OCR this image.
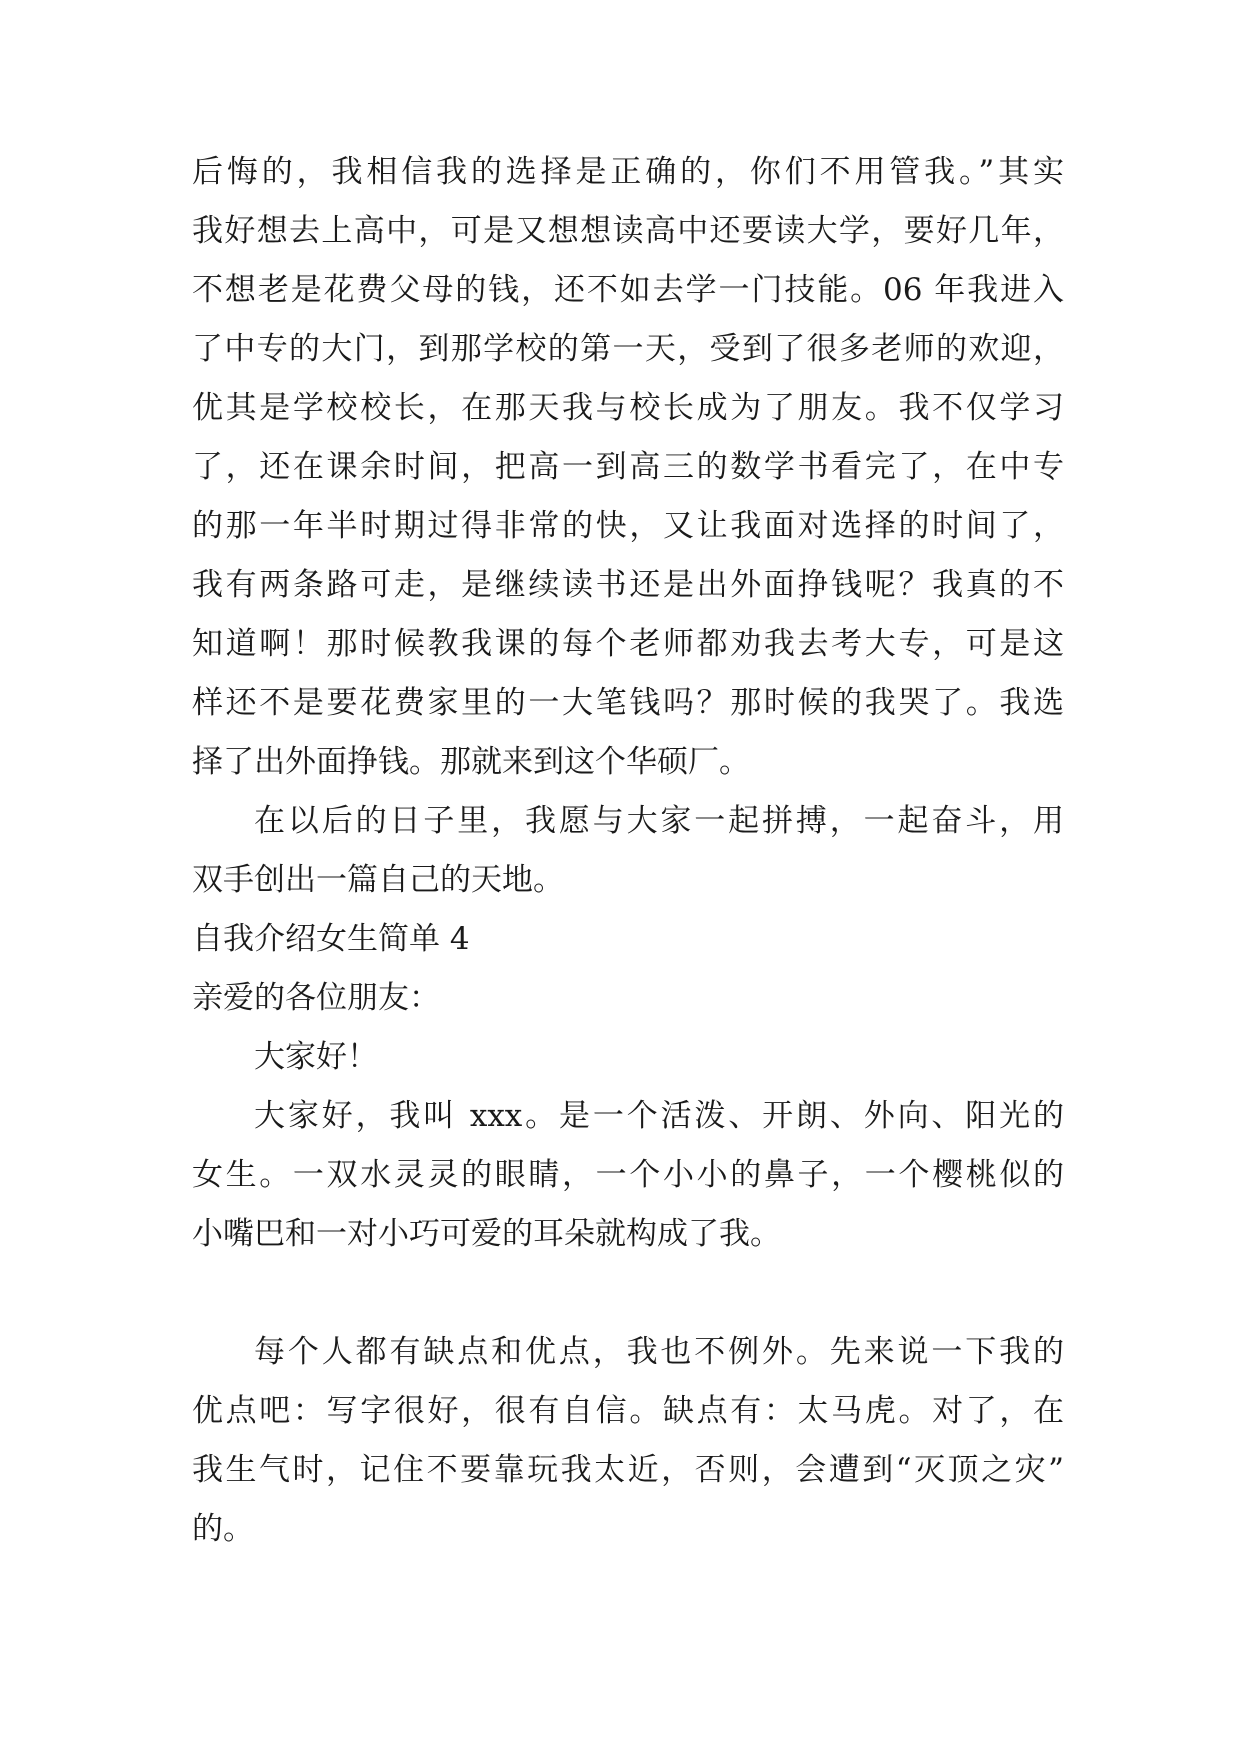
后悔的，我相信我的选择是正确的，你们不用管我。”其实
我好想去上高中，可是又想想读高中还要读大学，要好几年，
不想老是花费父母的钱，还不如去学一门技能。06 年我进入
了中专的大门，到那学校的第一天，受到了很多老师的欢迎，
优其是学校校长，在那天我与校长成为了朋友。我不仅学习
了，还在课余时间，把高一到高三的数学书看完了，在中专
的那一年半时期过得非常的快，又让我面对选择的时间了，
我有两条路可走，是继续读书还是出外面挣钱呢？我真的不
知道啊！那时候教我课的每个老师都劝我去考大专，可是这
样还不是要花费家里的一大笔钱吗？那时候的我哭了。我选
择了出外面挣钱。那就来到这个华硕厂。
在以后的日子里，我愿与大家一起拼搏，一起奋斗，用
双手创出一篇自己的天地。
自我介绍女生简单 4
亲爱的各位朋友：
大家好！
大家好，我叫 xxx。是一个活泼、开朗、外向、阳光的
女生。一双水灵灵的眼睛，一个小小的鼻子，一个樱桃似的
小嘴巴和一对小巧可爱的耳朵就构成了我。
每个人都有缺点和优点，我也不例外。先来说一下我的
优点吧：写字很好，很有自信。缺点有：太马虎。对了，在
我生气时，记住不要靠玩我太近，否则，会遭到“灭顶之灾”
的。
